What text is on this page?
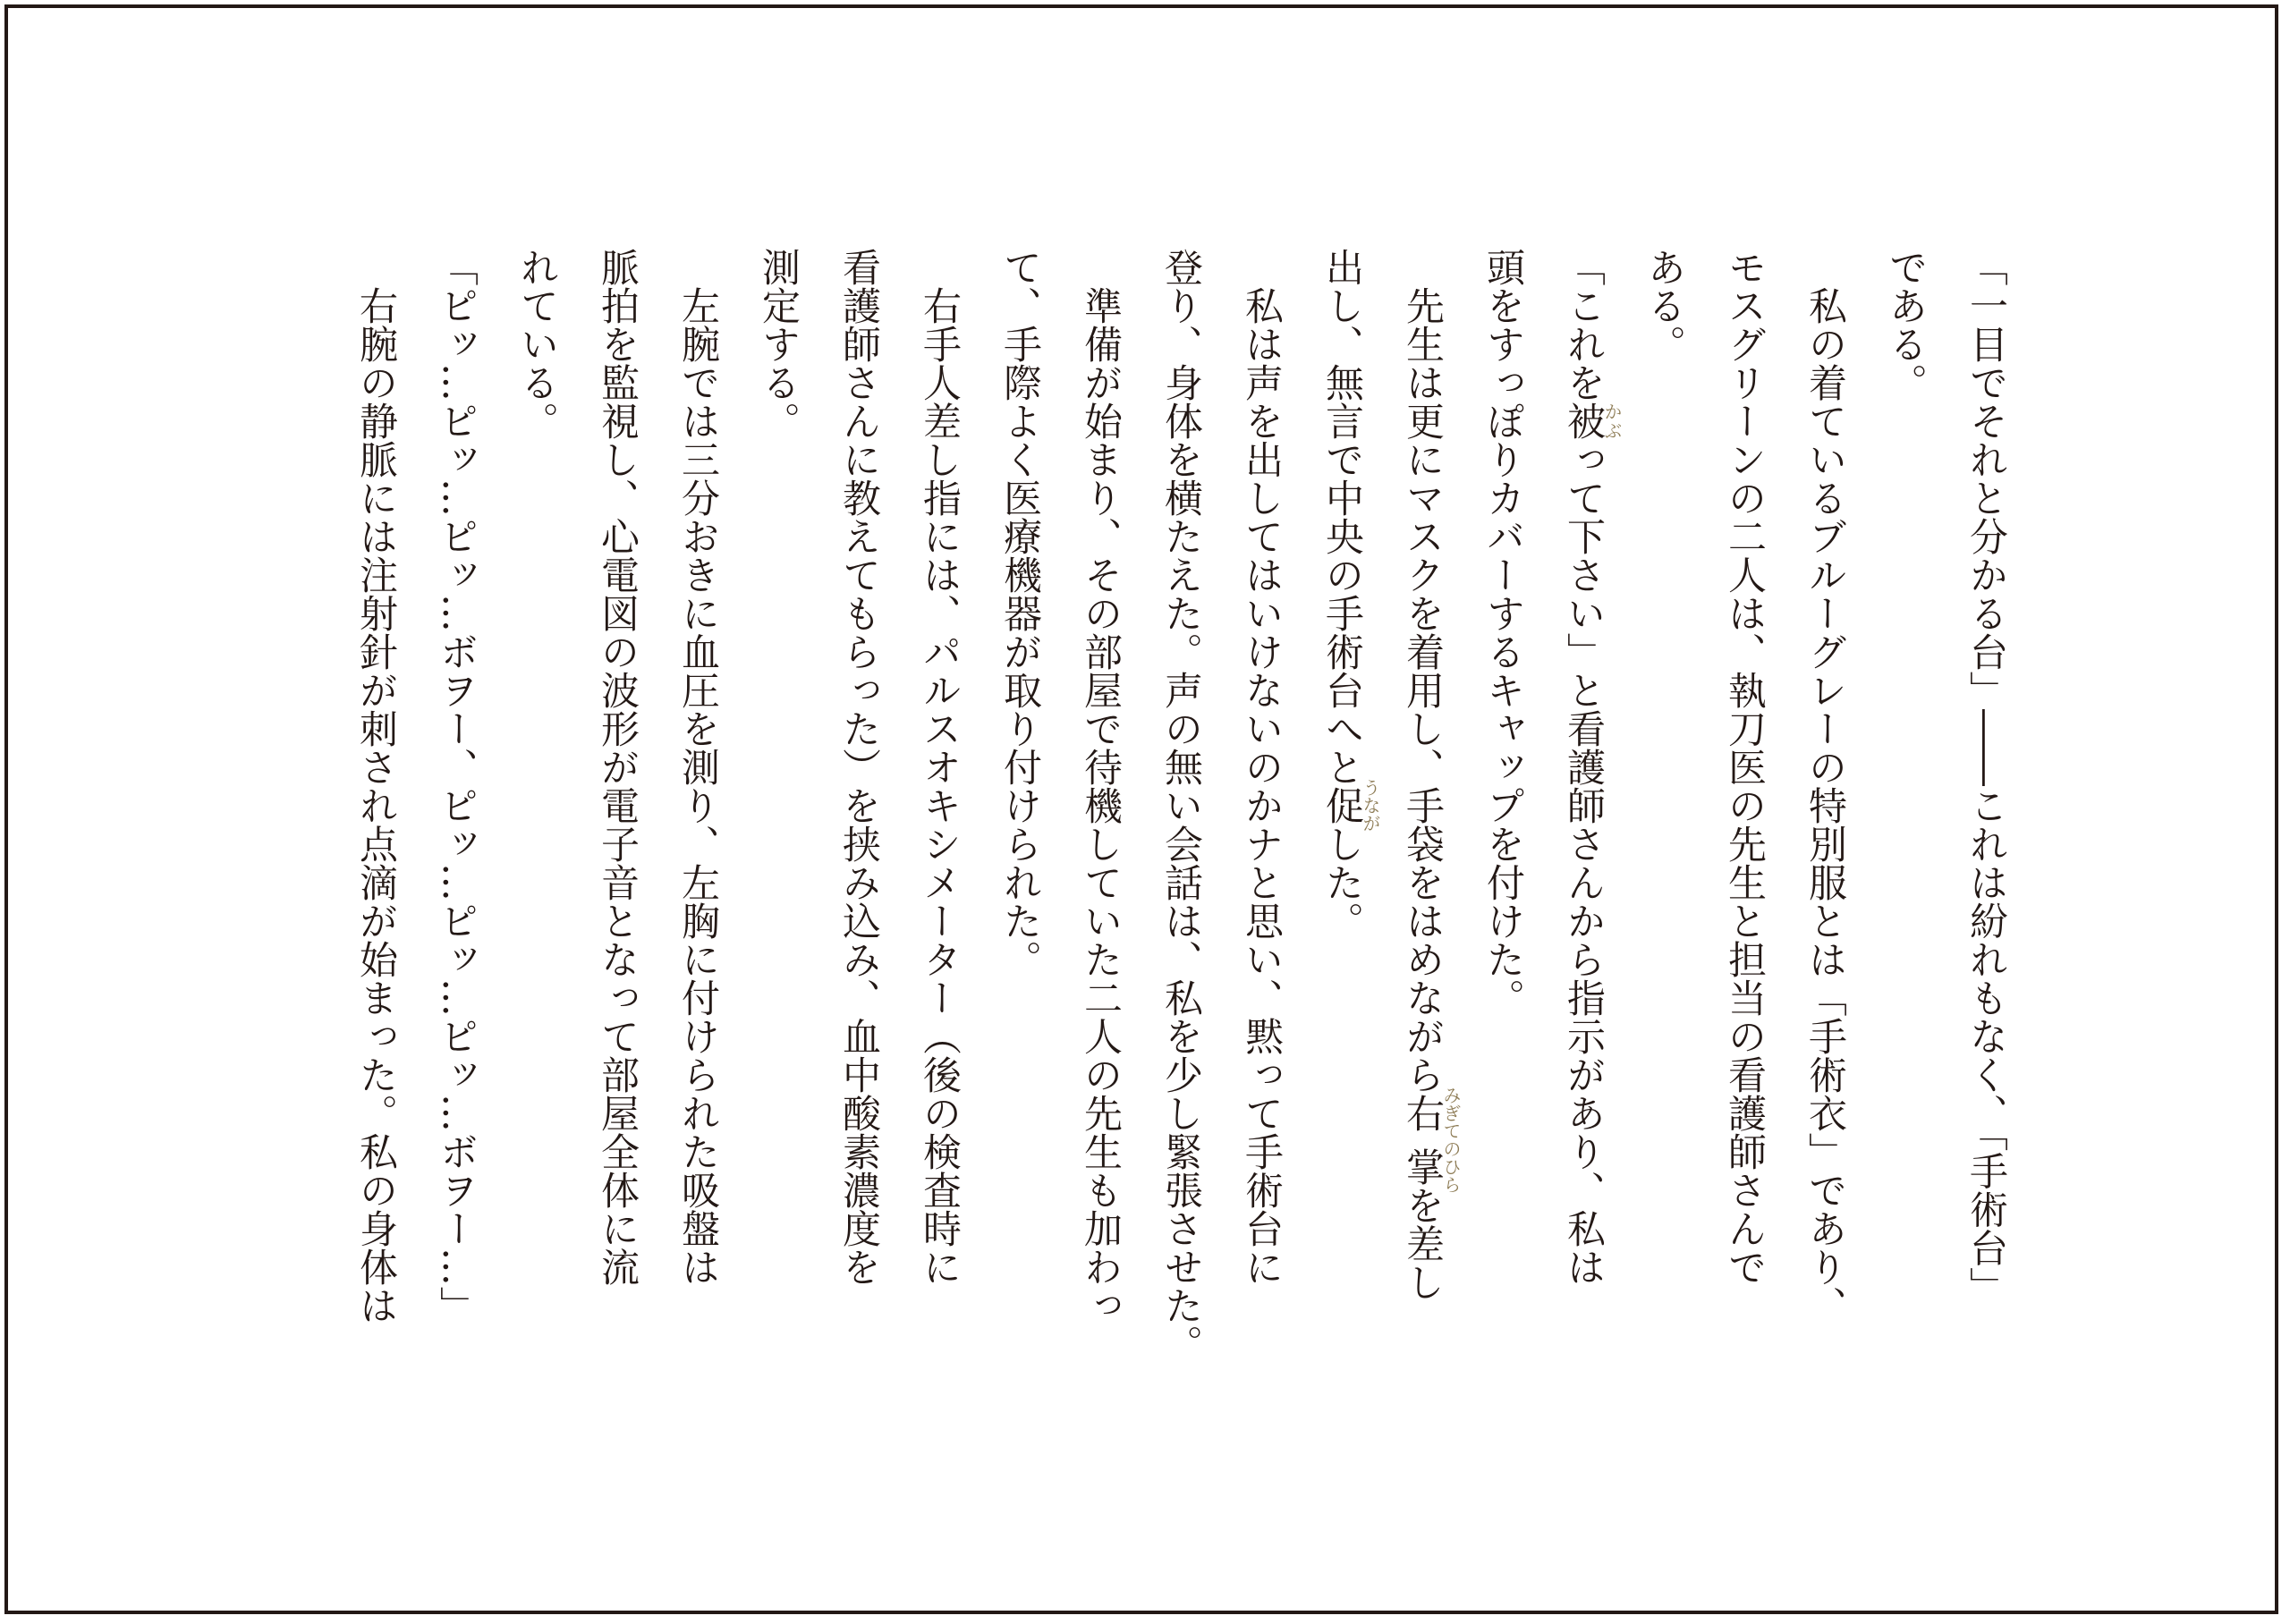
「一目でそれと分かる台」――これは紛れもなく、「手術台」
である。
　私の着ているブルーグレーの特別服とは「手術衣」であり、
モスグリーンの二人は、執刀医の先生と担当の看護師さんで
ある。
「これを被かぶって下さい」と看護師さんから指示があり、私は
頭をすっぽりカバーするキャップを付けた。
　先生は更にマスクを着用し、手袋をはめながら右掌みぎてのひらを差し
出し、無言で中央の手術台へと促うながした。
　私は声を出してはいけないのかナと思い、黙って手術台に
登り、身体を横たえた。声の無い会話は、私を少し緊張させた。
　準備が始まり、その部屋で待機していた二人の先生も加わっ
て、手際よく医療機器が取り付けられた。
　右手人差し指には、パルスオキシメーター（後の検査時に
看護師さんに教えてもらった）を挟み込み、血中酸素濃度を
測定する。
　左腕では三分おきに血圧を測り、左胸に付けられた吸盤は
脈拍を監視し、心電図の波形が電子音となって部屋全体に流
れている。
「ピッ…ピッ…ピッ…ボヲー、ピッ…ピッ…ピッ…ボヲー…」
　右腕の静脈には注射針が刺され点滴が始まった。私の身体は
